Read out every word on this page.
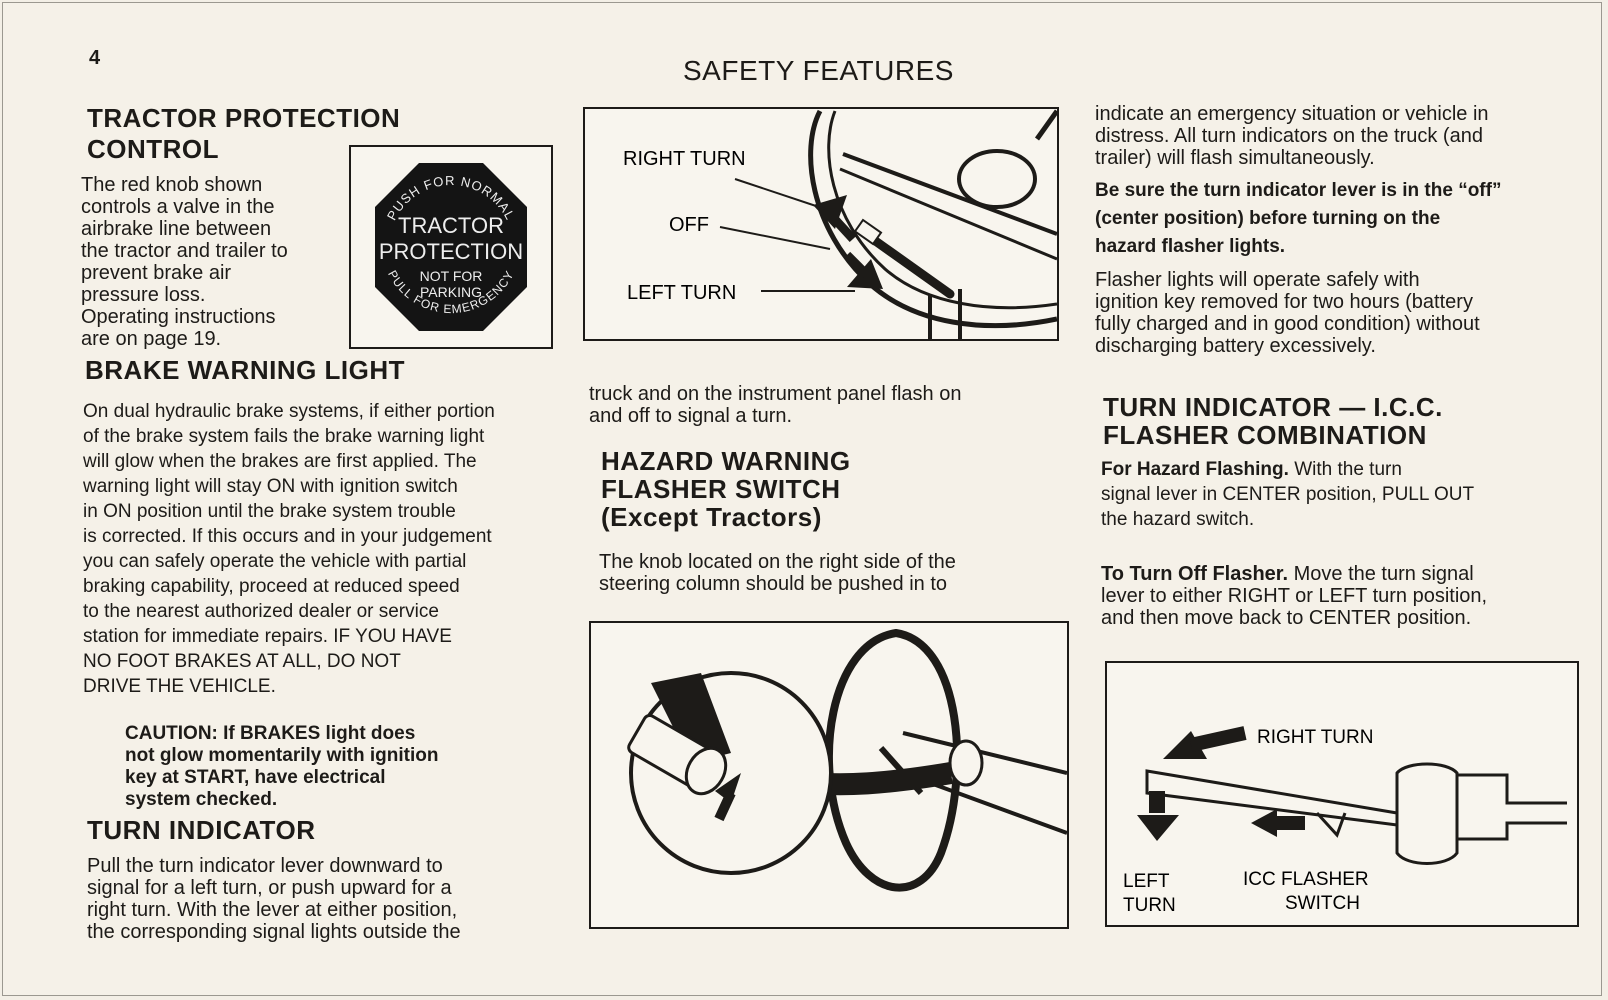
4	SAFETY FEATURES
TRACTOR PROTECTION
CONTROL

The red knob shown

controls a valve in the

airbrake line between

the tractor and trailer to

prevent brake air

pressure loss.

Operating instructions

are on page 19.

PUSH FOR NORMAL
TRACTOR
PROTECTION
NOT FOR
PARKING
PULL FOR EMERGENCY
BRAKE WARNING LIGHT

On dual hydraulic brake systems, if either portion

of the brake system fails the brake warning light

will glow when the brakes are first applied. The

warning light will stay ON with ignition switch

in ON position until the brake system trouble

is corrected. If this occurs and in your judgement

you can safely operate the vehicle with partial

braking capability, proceed at reduced speed

to the nearest authorized dealer or service

station for immediate repairs. IF YOU HAVE

NO FOOT BRAKES AT ALL, DO NOT

DRIVE THE VEHICLE.

CAUTION: If BRAKES light does

not glow momentarily with ignition

key at START, have electrical

system checked.

TURN INDICATOR

Pull the turn indicator lever downward to

signal for a left turn, or push upward for a

right turn. With the lever at either position,

the corresponding signal lights outside the

RIGHT TURN
OFF
LEFT TURN

truck and on the instrument panel flash on

and off to signal a turn.

HAZARD WARNING
FLASHER SWITCH
(Except Tractors)

The knob located on the right side of the

steering column should be pushed in to

indicate an emergency situation or vehicle in

distress. All turn indicators on the truck (and

trailer) will flash simultaneously.

Be sure the turn indicator lever is in the “off”

(center position) before turning on the

hazard flasher lights.

Flasher lights will operate safely with

ignition key removed for two hours (battery

fully charged and in good condition) without

discharging battery excessively.

TURN INDICATOR — I.C.C.
FLASHER COMBINATION

For Hazard Flashing. With the turn

signal lever in CENTER position, PULL OUT

the hazard switch.

To Turn Off Flasher. Move the turn signal

lever to either RIGHT or LEFT turn position,

and then move back to CENTER position.

RIGHT TURN
LEFT
TURN
ICC FLASHER
SWITCH
